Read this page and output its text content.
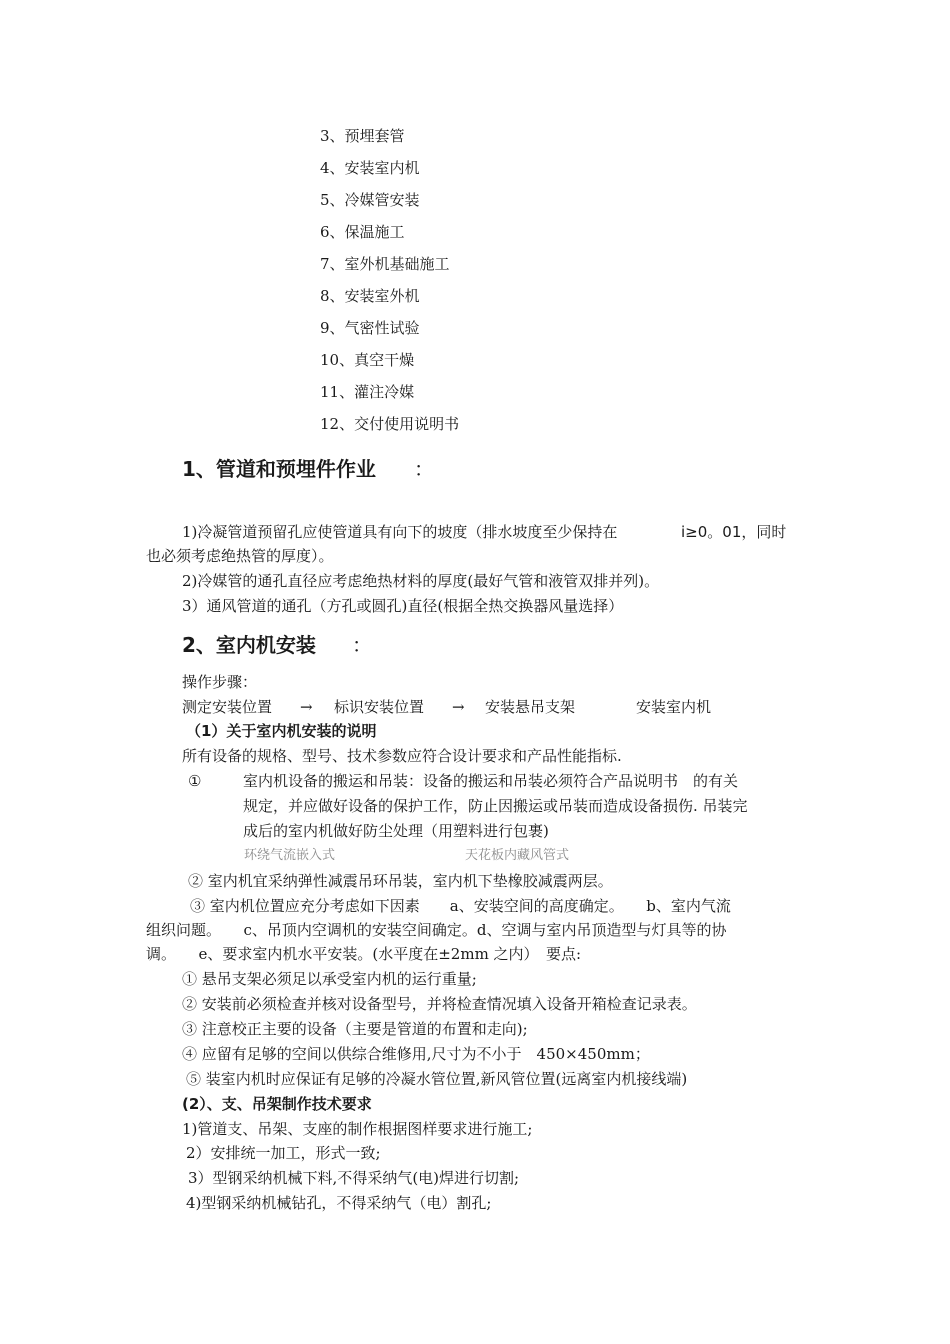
3、预埋套管
4、安装室内机
5、冷媒管安装
6、保温施工
7、室外机基础施工
8、安装室外机
9、气密性试验
10、真空干燥
11、灌注冷媒
12、交付使用说明书
1、管道和预埋件作业 ：
1)冷凝管道预留孔应使管道具有向下的坡度（排水坡度至少保持在	i≥0。01，同时
也必须考虑绝热管的厚度）。
2)冷媒管的通孔直径应考虑绝热材料的厚度(最好气管和液管双排并列)。
3）通风管道的通孔（方孔或圆孔)直径(根据全热交换器风量选择）
2、室内机安装 ：
操作步骤：
测定安装位置 → 标识安装位置 → 安装悬吊支架	安装室内机
（1）关于室内机安装的说明
所有设备的规格、型号、技术参数应符合设计要求和产品性能指标.
①	室内机设备的搬运和吊装：设备的搬运和吊装必须符合产品说明书　的有关
规定，并应做好设备的保护工作，防止因搬运或吊装而造成设备损伤. 吊装完
成后的室内机做好防尘处理（用塑料进行包裹)
环绕气流嵌入式	天花板内藏风管式
② 室内机宜采纳弹性减震吊环吊装，室内机下垫橡胶减震两层。
③ 室内机位置应充分考虑如下因素　　a、安装空间的高度确定。　　b、室内气流
组织问题。　　c、吊顶内空调机的安装空间确定。d、空调与室内吊顶造型与灯具等的协
调。　　e、要求室内机水平安装。(水平度在±2mm 之内）　要点:
① 悬吊支架必须足以承受室内机的运行重量;
② 安装前必须检查并核对设备型号，并将检查情况填入设备开箱检查记录表。
③ 注意校正主要的设备（主要是管道的布置和走向);
④ 应留有足够的空间以供综合维修用,尺寸为不小于　450×450mm；
⑤ 装室内机时应保证有足够的冷凝水管位置,新风管位置(远离室内机接线端)
(2）、支、吊架制作技术要求
1)管道支、吊架、支座的制作根据图样要求进行施工;
2）安排统一加工，形式一致;
3）型钢采纳机械下料,不得采纳气(电)焊进行切割;
4)型钢采纳机械钻孔，不得采纳气（电）割孔;
